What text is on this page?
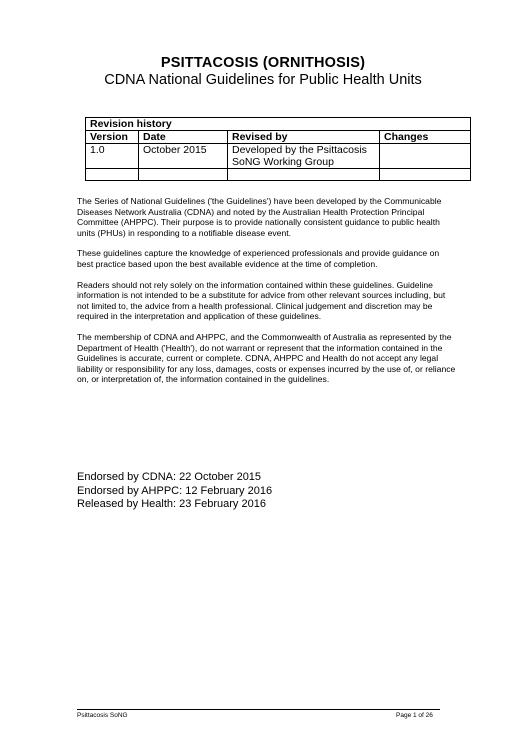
PSITTACOSIS (ORNITHOSIS)
CDNA National Guidelines for Public Health Units
Revision history			
Version	Date	Revised by	Changes
1.0	October 2015	Developed by the Psittacosis SoNG Working Group	

The Series of National Guidelines ('the Guidelines') have been developed by the Communicable Diseases Network Australia (CDNA) and noted by the Australian Health Protection Principal Committee (AHPPC). Their purpose is to provide nationally consistent guidance to public health units (PHUs) in responding to a notifiable disease event.

These guidelines capture the knowledge of experienced professionals and provide guidance on best practice based upon the best available evidence at the time of completion.

Readers should not rely solely on the information contained within these guidelines. Guideline information is not intended to be a substitute for advice from other relevant sources including, but not limited to, the advice from a health professional. Clinical judgement and discretion may be required in the interpretation and application of these guidelines.

The membership of CDNA and AHPPC, and the Commonwealth of Australia as represented by the Department of Health ('Health'), do not warrant or represent that the information contained in the Guidelines is accurate, current or complete. CDNA, AHPPC and Health do not accept any legal liability or responsibility for any loss, damages, costs or expenses incurred by the use of, or reliance on, or interpretation of, the information contained in the guidelines.

Endorsed by CDNA: 22 October 2015
Endorsed by AHPPC: 12 February 2016
Released by Health: 23 February 2016
Psittacosis SoNG	Page 1 of 26
